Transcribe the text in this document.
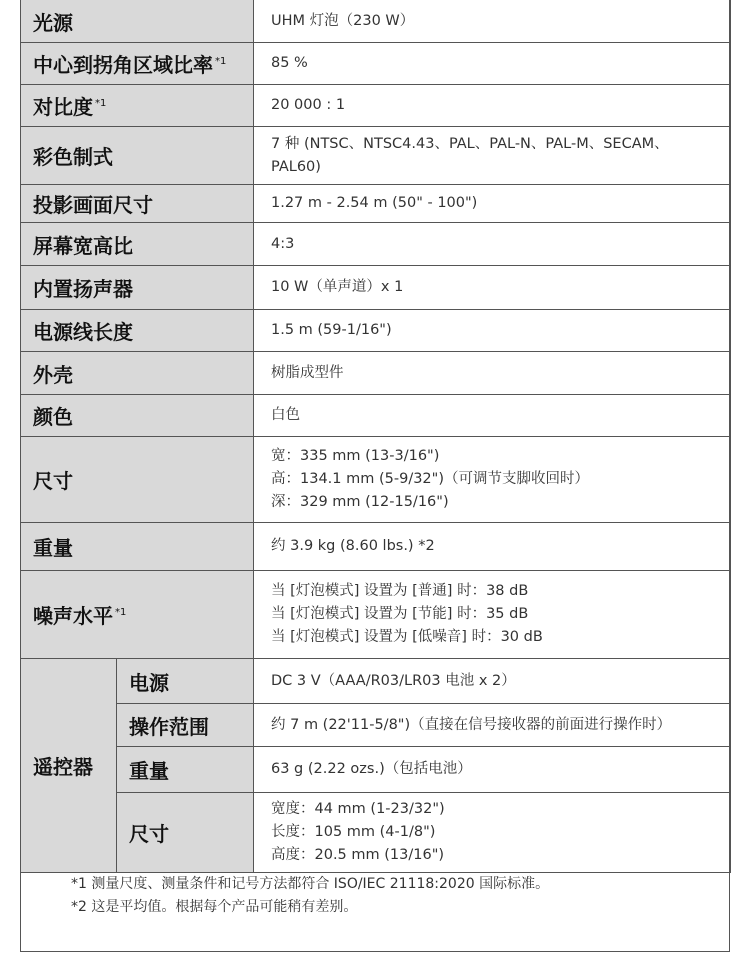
光源		UHM 灯泡（230 W）
中心到拐角区域比率 $^{*1}$		85 %
对比度 $^{*1}$		20 000 : 1
彩色制式		7 种 (NTSC、NTSC4.43、PAL、PAL-N、PAL-M、SECAM、
PAL60)

投影画面尺寸		1.27 m - 2.54 m (50" - 100")
屏幕宽高比		4:3
内置扬声器		10 W（单声道）x 1
电源线长度		1.5 m (59-1/16")
外壳		树脂成型件
颜色		白色
尺寸		宽：335 mm (13-3/16")
高：134.1 mm (5-9/32")（可调节支脚收回时）
深：329 mm (12-15/16")

重量		约 3.9 kg (8.60 lbs.) *2
噪声水平 $^{*1}$		当 [灯泡模式] 设置为 [普通] 时：38 dB
当 [灯泡模式] 设置为 [节能] 时：35 dB
当 [灯泡模式] 设置为 [低噪音] 时：30 dB

遥控器	电源	DC 3 V（AAA/R03/LR03 电池 x 2）
	操作范围	约 7 m (22'11-5/8")（直接在信号接收器的前面进行操作时）
	重量	63 g (2.22 ozs.)（包括电池）
	尺寸	宽度：44 mm (1-23/32")
长度：105 mm (4-1/8")
高度：20.5 mm (13/16")
*1 测量尺度、测量条件和记号方法都符合 ISO/IEC 21118:2020 国际标准。
*2 这是平均值。根据每个产品可能稍有差别。
